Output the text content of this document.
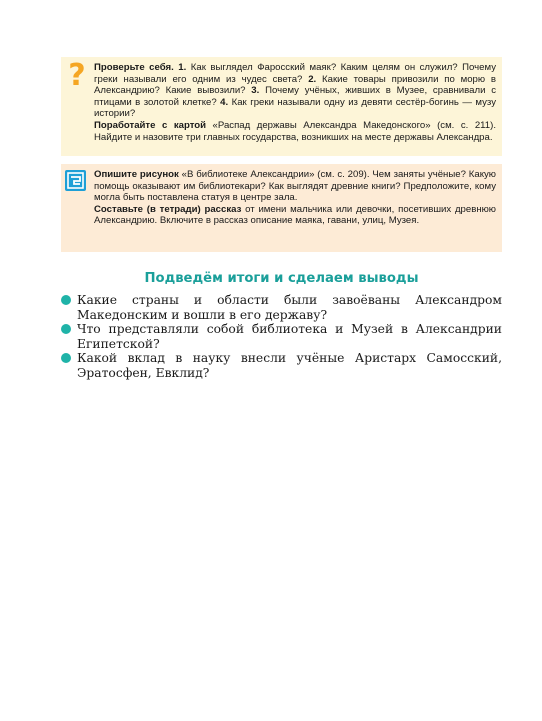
? Проверьте себя. 1. Как выглядел Фаросский маяк? Каким целям он служил? Почему греки называли его одним из чудес света? 2. Какие товары привозили по морю в Александрию? Какие вывозили? 3. Почему учёных, живших в Музее, сравнивали с птицами в золотой клетке? 4. Как греки называли одну из девяти сестёр-богинь — музу истории?

Поработайте с картой «Распад державы Александра Македонского» (см. с. 211). Найдите и назовите три главных государства, возникших на месте державы Александра.

Опишите рисунок «В библиотеке Александрии» (см. с. 209). Чем заняты учёные? Какую помощь оказывают им библиотекари? Как выглядят древние книги? Предположите, кому могла быть поставлена статуя в центре зала.

Составьте (в тетради) рассказ от имени мальчика или девочки, посетивших древнюю Александрию. Включите в рассказ описание маяка, гавани, улиц, Музея.

Подведём итоги и сделаем выводы
Какие страны и области были завоёваны Александром Македонским и вошли в его державу?
Что представляли собой библиотека и Музей в Александрии Египетской?
Какой вклад в науку внесли учёные Аристарх Самосский, Эратосфен, Евклид?
